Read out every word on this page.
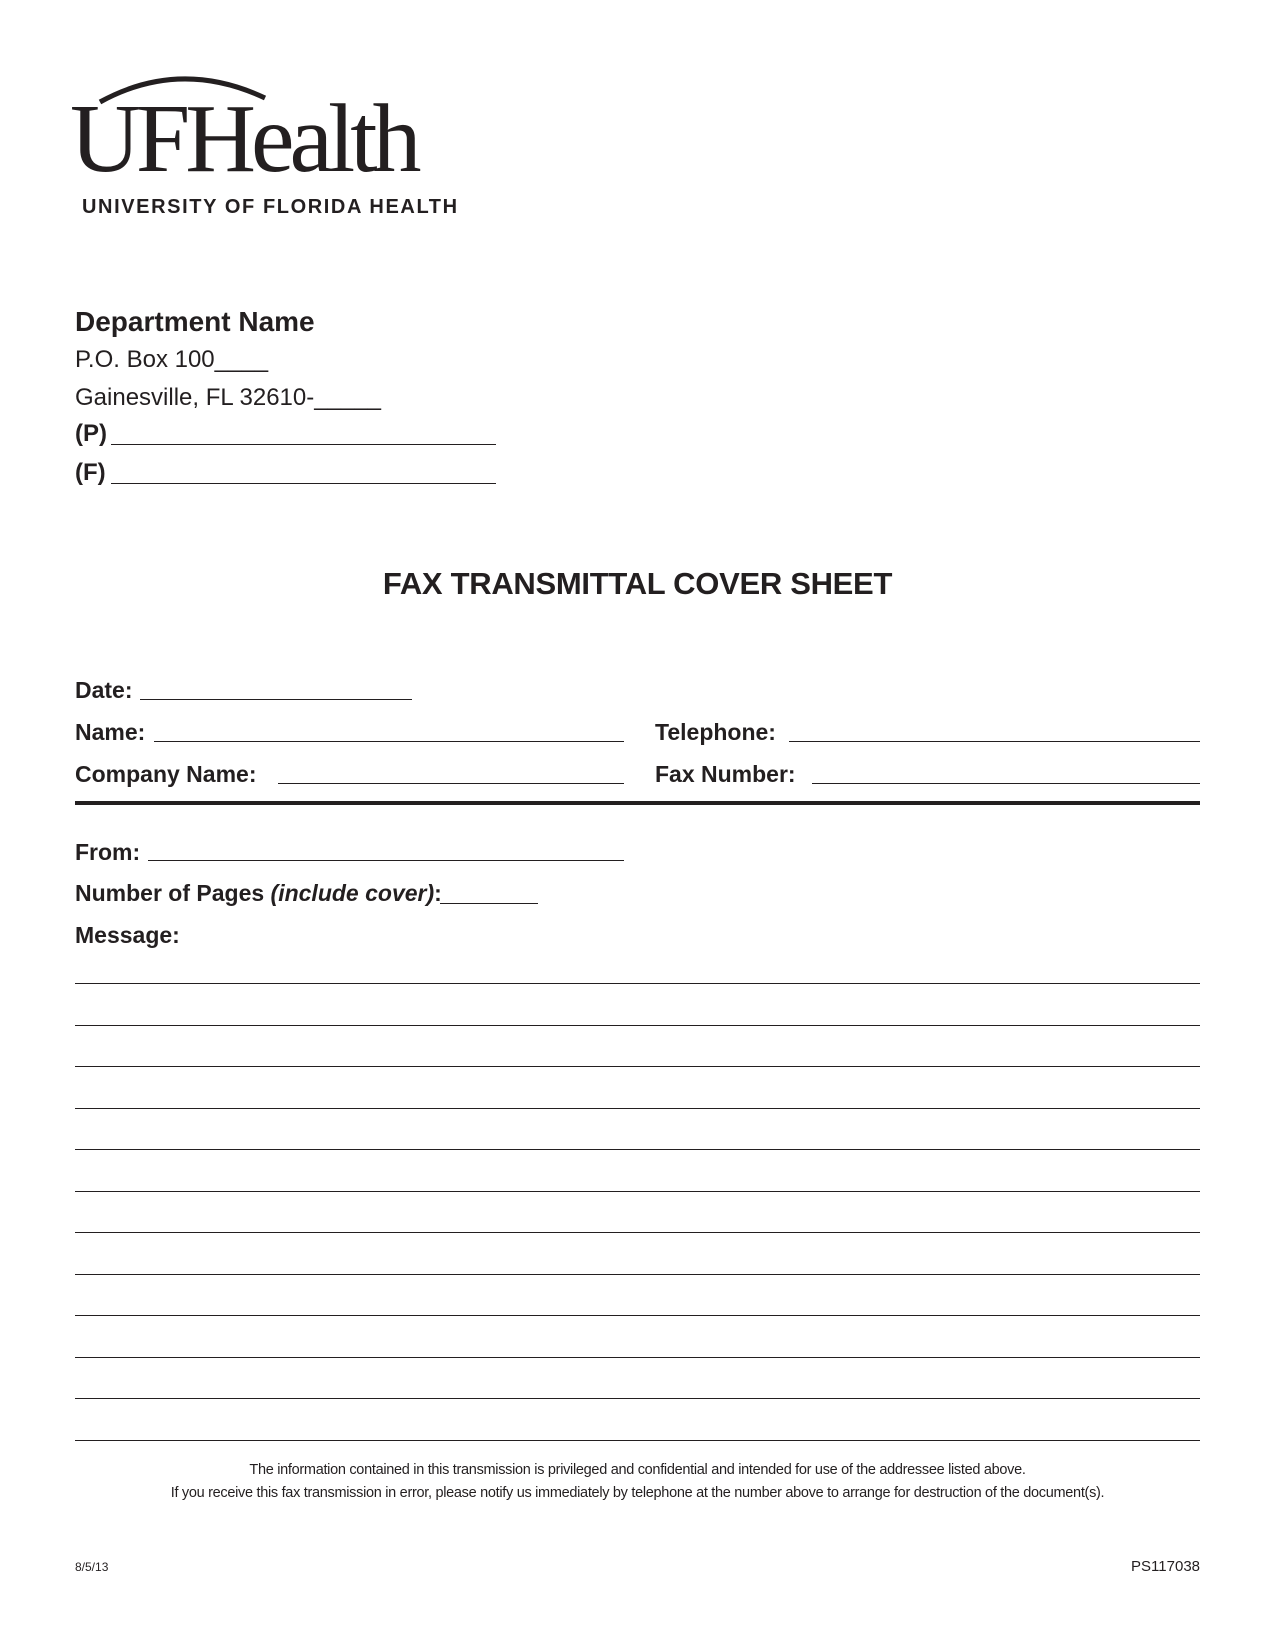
UFHealth
UNIVERSITY OF FLORIDA HEALTH
Department Name
P.O. Box 100____
Gainesville, FL 32610-_____
(P)
(F)
FAX TRANSMITTAL COVER SHEET
Date:
Name:	Telephone:
Company Name:	Fax Number:
From:
Number of Pages (include cover):
Message:
The information contained in this transmission is privileged and confidential and intended for use of the addressee listed above.
If you receive this fax transmission in error, please notify us immediately by telephone at the number above to arrange for destruction of the document(s).
8/5/13	PS117038
